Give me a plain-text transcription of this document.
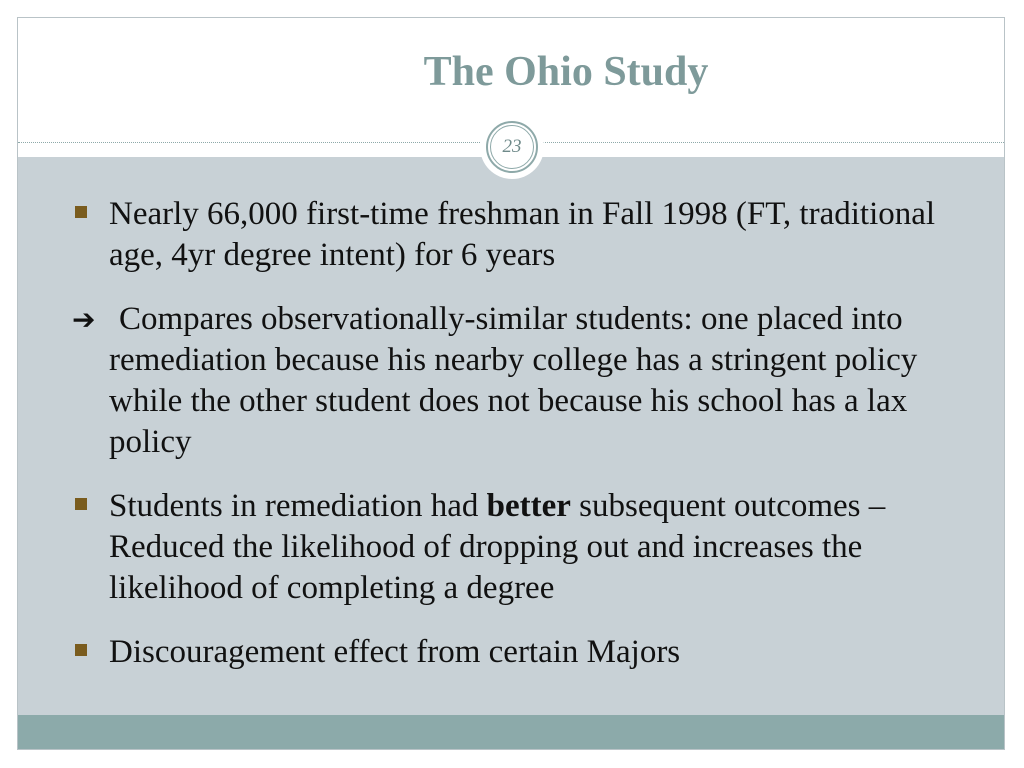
The Ohio Study
23
Nearly 66,000 first-time freshman in Fall 1998 (FT, traditional age, 4yr degree intent) for 6 years
➔ Compares observationally-similar students: one placed into remediation because his nearby college has a stringent policy while the other student does not because his school has a lax policy
Students in remediation had better subsequent outcomes – Reduced the likelihood of dropping out and increases the likelihood of completing a degree
Discouragement effect from certain Majors
